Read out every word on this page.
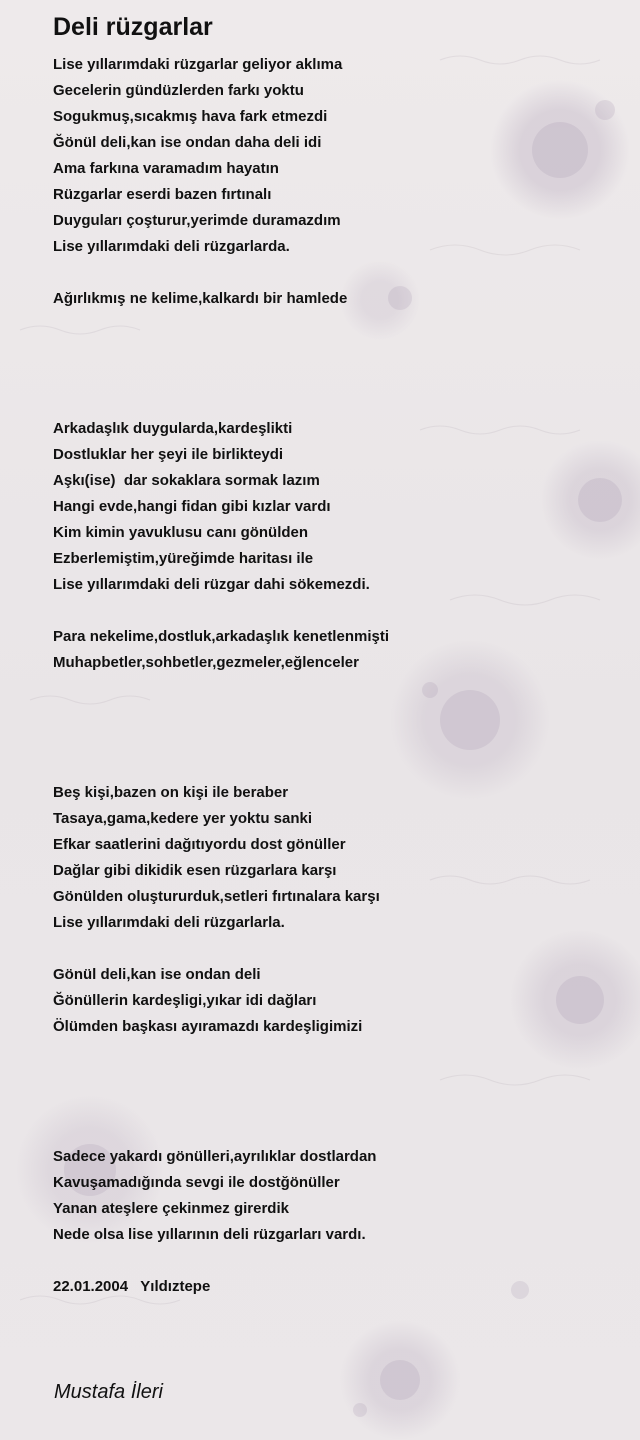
Deli rüzgarlar
Lise yıllarımdaki rüzgarlar geliyor aklıma
Gecelerin gündüzlerden farkı yoktu
Sogukmuş,sıcakmış hava fark etmezdi
Ğönül deli,kan ise ondan daha deli idi
Ama farkına varamadım hayatın
Rüzgarlar eserdi bazen fırtınalı
Duyguları çoşturur,yerimde duramazdım
Lise yıllarımdaki deli rüzgarlarda.
Ağırlıkmış ne kelime,kalkardı bir hamlede
Arkadaşlık duygularda,kardeşlikti
Dostluklar her şeyi ile birlikteydi
Aşkı(ise)  dar sokaklara sormak lazım
Hangi evde,hangi fidan gibi kızlar vardı
Kim kimin yavuklusu canı gönülden
Ezberlemiştim,yüreğimde haritası ile
Lise yıllarımdaki deli rüzgar dahi sökemezdi.
Para nekelime,dostluk,arkadaşlık kenetlenmişti
Muhapbetler,sohbetler,gezmeler,eğlenceler
Beş kişi,bazen on kişi ile beraber
Tasaya,gama,kedere yer yoktu sanki
Efkar saatlerini dağıtıyordu dost gönüller
Dağlar gibi dikidik esen rüzgarlara karşı
Gönülden oluştururduk,setleri fırtınalara karşı
Lise yıllarımdaki deli rüzgarlarla.
Gönül deli,kan ise ondan deli
Ğönüllerin kardeşligi,yıkar idi dağları
Ölümden başkası ayıramazdı kardeşligimizi
Sadece yakardı gönülleri,ayrılıklar dostlardan
Kavuşamadığında sevgi ile dostğönüller
Yanan ateşlere çekinmez girerdik
Nede olsa lise yıllarının deli rüzgarları vardı.
22.01.2004   Yıldıztepe
Mustafa İleri
